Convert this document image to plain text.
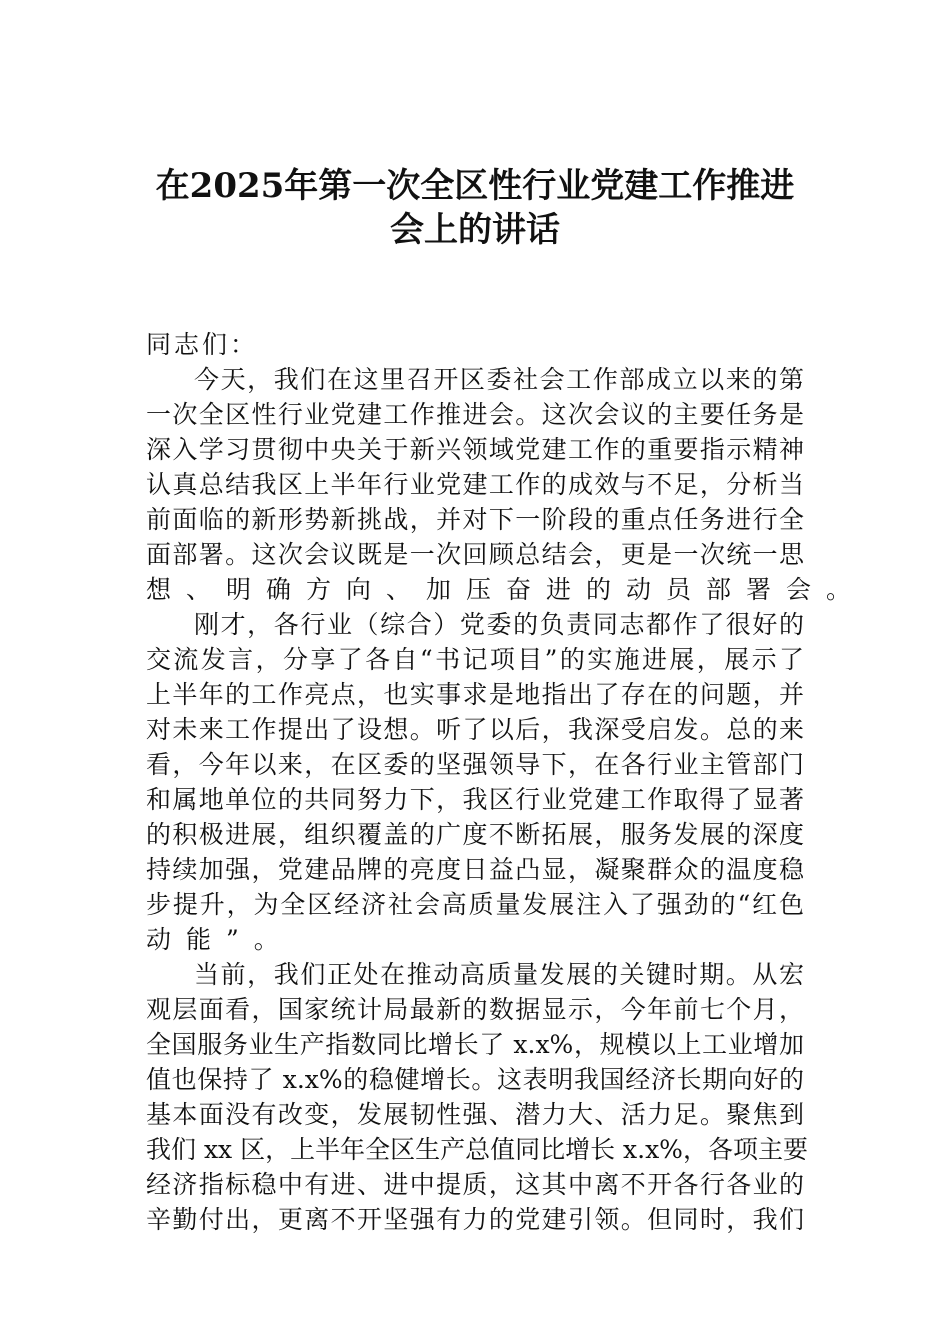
在2025年第一次全区性行业党建工作推进
会上的讲话
同志们：
今天，我们在这里召开区委社会工作部成立以来的第
一次全区性行业党建工作推进会。这次会议的主要任务是
深入学习贯彻中央关于新兴领域党建工作的重要指示精神
认真总结我区上半年行业党建工作的成效与不足，分析当
前面临的新形势新挑战，并对下一阶段的重点任务进行全
面部署。这次会议既是一次回顾总结会，更是一次统一思
想、明确方向、加压奋进的动员部署会。
刚才，各行业（综合）党委的负责同志都作了很好的
交流发言，分享了各自“书记项目”的实施进展，展示了
上半年的工作亮点，也实事求是地指出了存在的问题，并
对未来工作提出了设想。听了以后，我深受启发。总的来
看，今年以来，在区委的坚强领导下，在各行业主管部门
和属地单位的共同努力下，我区行业党建工作取得了显著
的积极进展，组织覆盖的广度不断拓展，服务发展的深度
持续加强，党建品牌的亮度日益凸显，凝聚群众的温度稳
步提升，为全区经济社会高质量发展注入了强劲的“红色
动能”。
当前，我们正处在推动高质量发展的关键时期。从宏
观层面看，国家统计局最新的数据显示，今年前七个月，
全国服务业生产指数同比增长了 x.x%，规模以上工业增加
值也保持了 x.x%的稳健增长。这表明我国经济长期向好的
基本面没有改变，发展韧性强、潜力大、活力足。聚焦到
我们 xx 区，上半年全区生产总值同比增长 x.x%，各项主要
经济指标稳中有进、进中提质，这其中离不开各行各业的
辛勤付出，更离不开坚强有力的党建引领。但同时，我们
